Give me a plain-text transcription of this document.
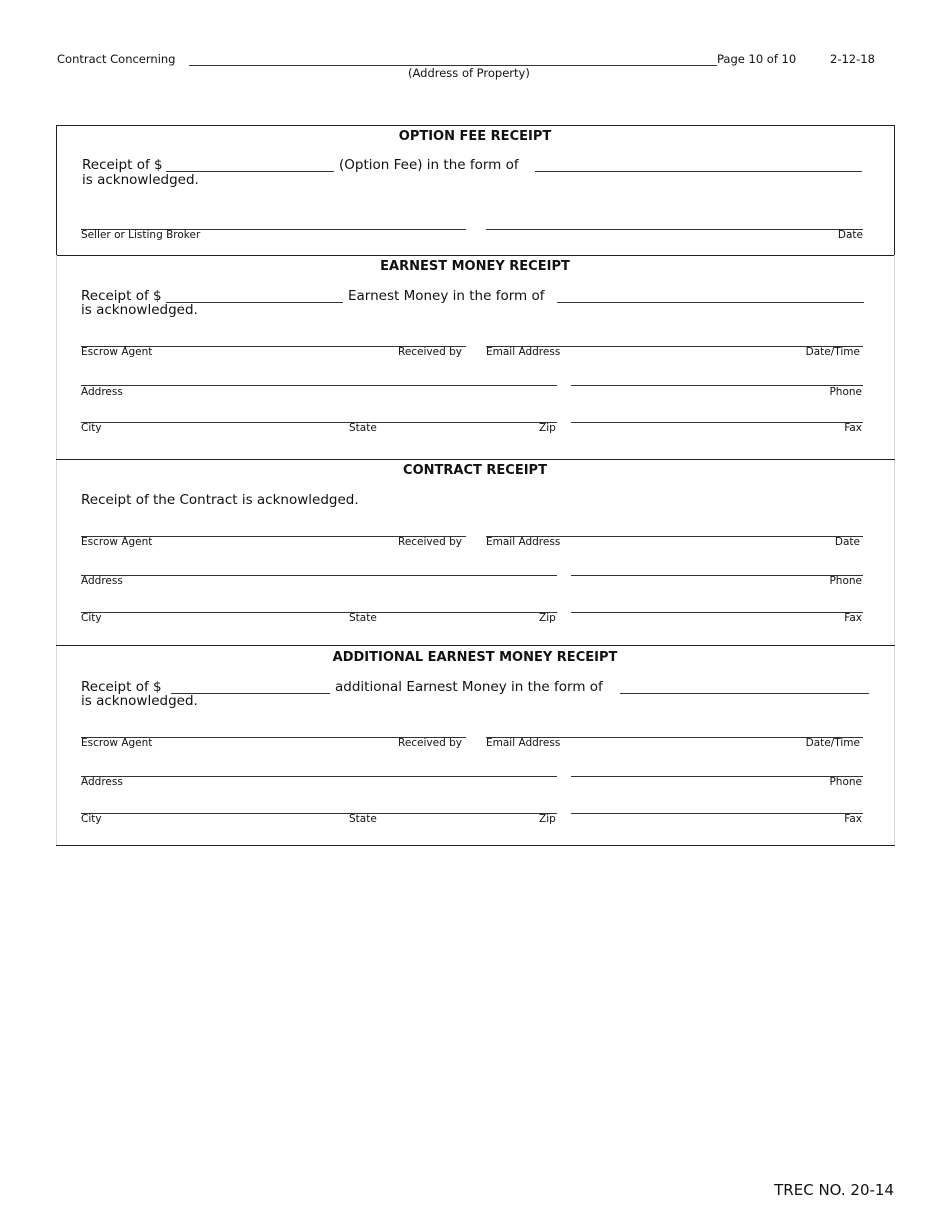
Contract Concerning	Page 10 of 10	2-12-18
(Address of Property)
OPTION FEE RECEIPT
Receipt of $	(Option Fee) in the form of
is acknowledged.
Seller or Listing Broker	Date
EARNEST MONEY RECEIPT
Receipt of $	Earnest Money in the form of
is acknowledged.
Escrow Agent	Received by Email Address	Date/Time
Address	Phone
City	State	Zip	Fax
CONTRACT RECEIPT
Receipt of the Contract is acknowledged.
Escrow Agent	Received by Email Address	Date
Address	Phone
City	State	Zip	Fax
ADDITIONAL EARNEST MONEY RECEIPT
Receipt of $	additional Earnest Money in the form of
is acknowledged.
Escrow Agent	Received by Email Address	Date/Time
Address	Phone
City	State	Zip	Fax
TREC NO. 20-14
